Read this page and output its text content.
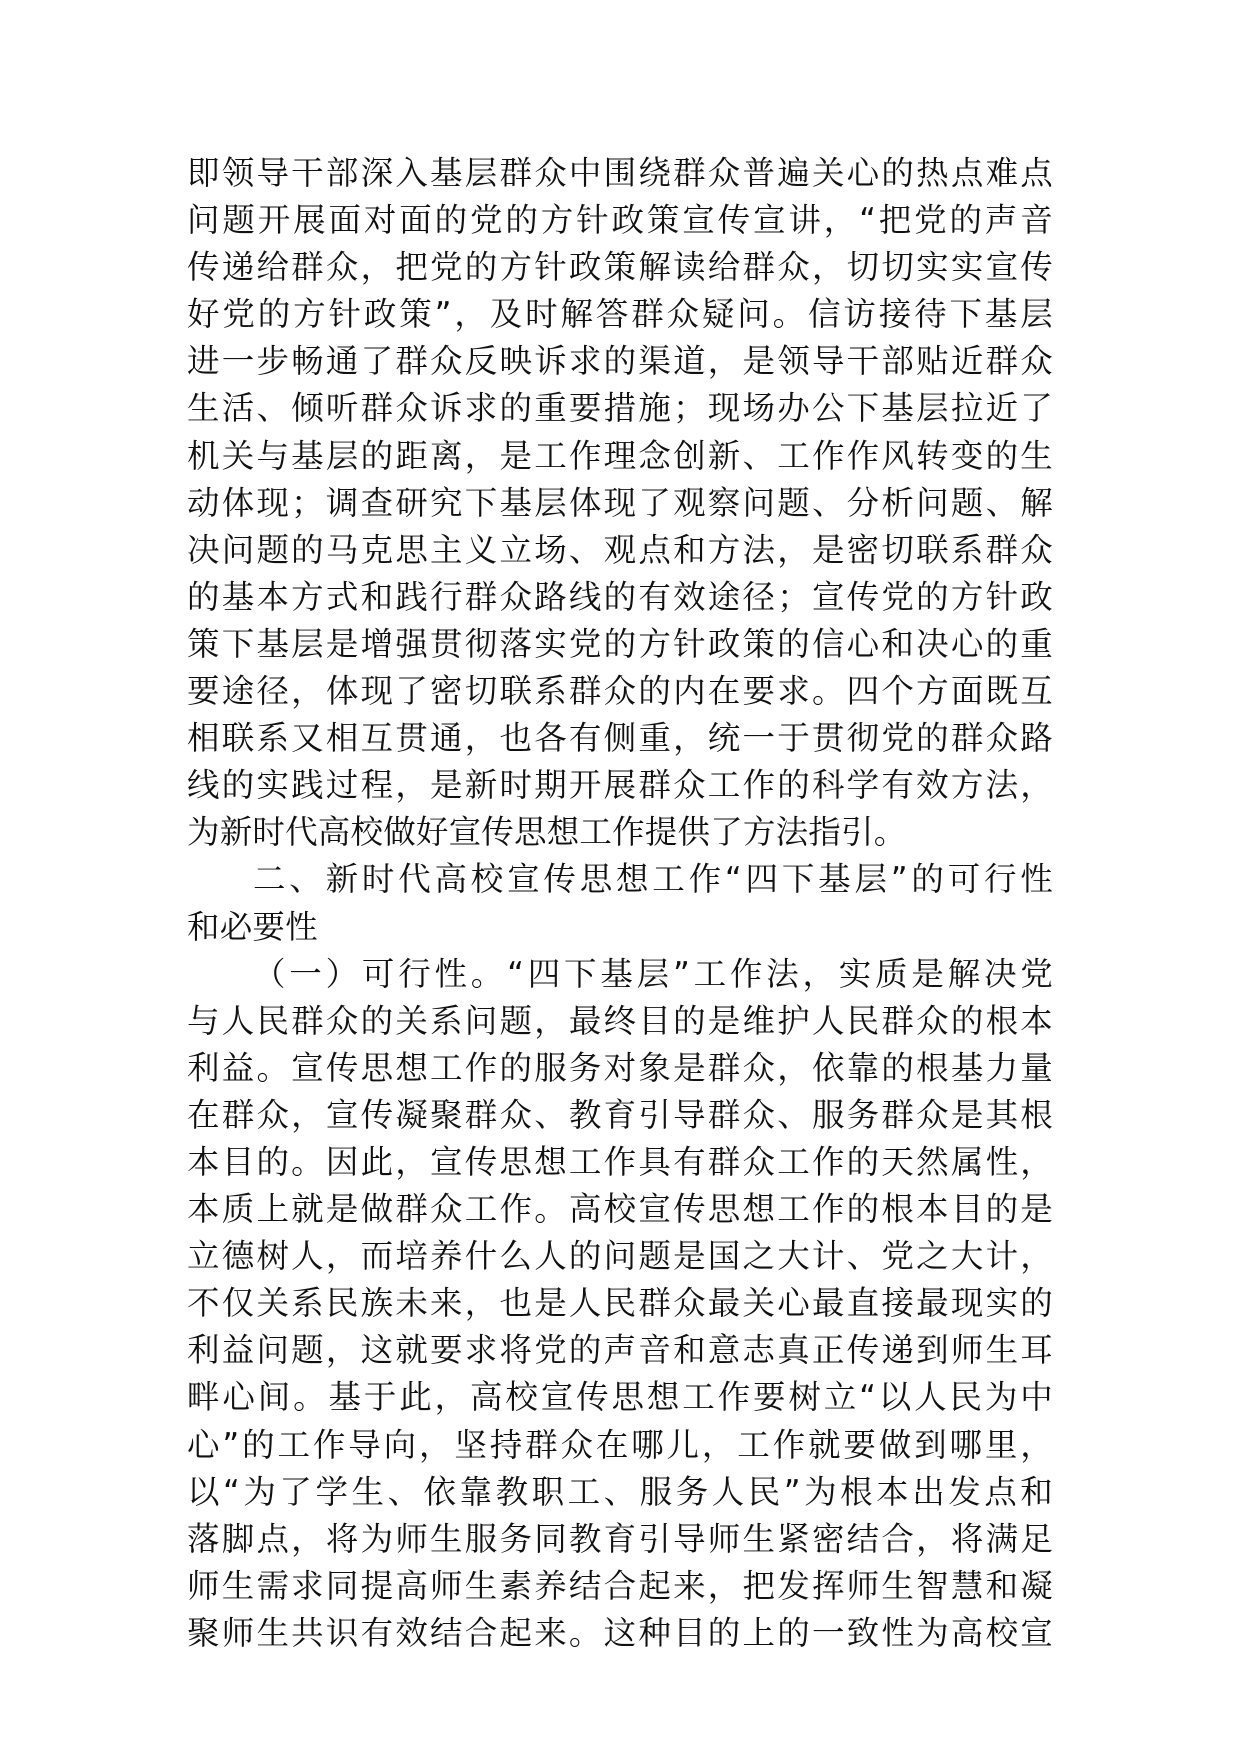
即领导干部深入基层群众中围绕群众普遍关心的热点难点
问题开展面对面的党的方针政策宣传宣讲，“把党的声音
传递给群众，把党的方针政策解读给群众，切切实实宣传
好党的方针政策”，及时解答群众疑问。信访接待下基层
进一步畅通了群众反映诉求的渠道，是领导干部贴近群众
生活、倾听群众诉求的重要措施；现场办公下基层拉近了
机关与基层的距离，是工作理念创新、工作作风转变的生
动体现；调查研究下基层体现了观察问题、分析问题、解
决问题的马克思主义立场、观点和方法，是密切联系群众
的基本方式和践行群众路线的有效途径；宣传党的方针政
策下基层是增强贯彻落实党的方针政策的信心和决心的重
要途径，体现了密切联系群众的内在要求。四个方面既互
相联系又相互贯通，也各有侧重，统一于贯彻党的群众路
线的实践过程，是新时期开展群众工作的科学有效方法，
为新时代高校做好宣传思想工作提供了方法指引。
二、新时代高校宣传思想工作“四下基层”的可行性
和必要性
（一）可行性。“四下基层”工作法，实质是解决党
与人民群众的关系问题，最终目的是维护人民群众的根本
利益。宣传思想工作的服务对象是群众，依靠的根基力量
在群众，宣传凝聚群众、教育引导群众、服务群众是其根
本目的。因此，宣传思想工作具有群众工作的天然属性，
本质上就是做群众工作。高校宣传思想工作的根本目的是
立德树人，而培养什么人的问题是国之大计、党之大计，
不仅关系民族未来，也是人民群众最关心最直接最现实的
利益问题，这就要求将党的声音和意志真正传递到师生耳
畔心间。基于此，高校宣传思想工作要树立“以人民为中
心”的工作导向，坚持群众在哪儿，工作就要做到哪里，
以“为了学生、依靠教职工、服务人民”为根本出发点和
落脚点，将为师生服务同教育引导师生紧密结合，将满足
师生需求同提高师生素养结合起来，把发挥师生智慧和凝
聚师生共识有效结合起来。这种目的上的一致性为高校宣
